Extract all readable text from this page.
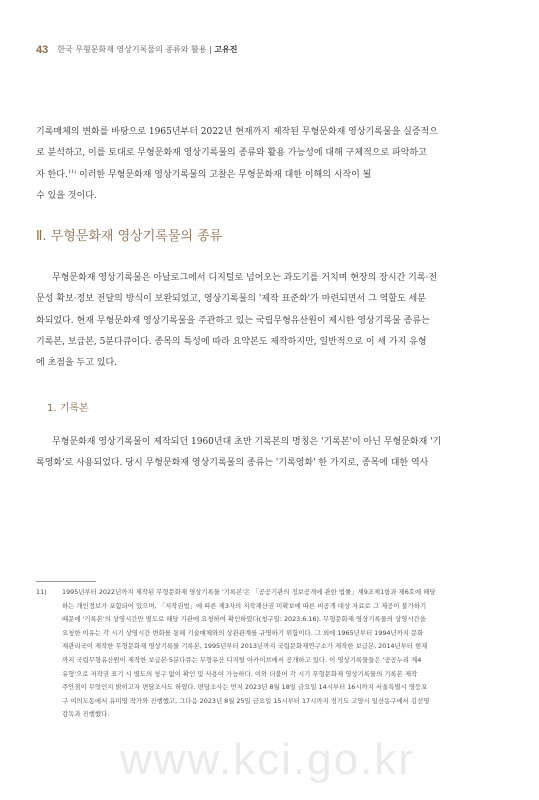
43 한국 무형문화재 영상기록물의 종류와 활용 | 고유진
기록매체의 변화를 바탕으로 1965년부터 2022년 현재까지 제작된 무형문화재 영상기록물을 실증적으
로 분석하고, 이를 토대로 무형문화재 영상기록물의 종류와 활용 가능성에 대해 구체적으로 파악하고
자 한다.$^{11)}$ 이러한 무형문화재 영상기록물의 고찰은 무형문화재 대한 이해의 시작이 될
수 있을 것이다.
Ⅱ. 무형문화재 영상기록물의 종류
무형문화재 영상기록물은 아날로그에서 디지털로 넘어오는 과도기를 거치며 현장의 장시간 기록·전
문성 확보·정보 전달의 방식이 보완되었고, 영상기록물의 '제작 표준화'가 마련되면서 그 역할도 세분
화되었다. 현재 무형문화재 영상기록물을 주관하고 있는 국립무형유산원이 제시한 영상기록물 종류는
기록본, 보급본, 5분다큐이다. 종목의 특성에 따라 요약본도 제작하지만, 일반적으로 이 세 가지 유형
에 초점을 두고 있다.
1. 기록본
무형문화재 영상기록물이 제작되던 1960년대 초반 기록본의 명칭은 '기록본'이 아닌 무형문화재 '기
록영화'로 사용되었다. 당시 무형문화재 영상기록물의 종류는 '기록영화' 한 가지로, 종목에 대한 역사
11) 1995년부터 2022년까지 제작된 무형문화재 영상기록물 '기록본'은 「공공기관의 정보공개에 관한 법률」제9조제1항과 제6호에 해당
하는 개인정보가 포함되어 있으며, 「저작권법」에 따른 제3자의 저작재산권 미확보에 따른 비공개 대상 자료로 그 제공이 불가하기
때문에 '기록본'의 상영시간만 별도로 해당 기관에 요청하여 확인하였다(청구일: 2023.6.16). 무형문화재 영상기록물의 상영시간을
요청한 이유는 각 시기 상영시간 변화를 통해 기술매체와의 상관관계를 규명하기 위함이다. 그 외에 1965년부터 1994년까지 문화
재관리국이 제작한 무형문화재 영상기록물 기록본, 1995년부터 2013년까지 국립문화재연구소가 제작한 보급본, 2014년부터 현재
까지 국립무형유산원이 제작한 보급본·5분다큐는 무형유산 디지털 아카이브에서 공개하고 있다. 이 영상기록물들은 '공공누리 제4
유형'으로 저작권 표기 시 별도의 청구 없이 확인 및 사용이 가능하다. 이와 더불어 각 시기 무형문화재 영상기록물의 기록본 제작
주안점이 무엇인지 밝히고자 면담조사도 하였다. 면담조사는 먼저 2023년 8월 18일 금요일 14시부터 16시까지 서울특별시 영등포
구 여의도동에서 유미영 작가와 진행했고, 그다음 2023년 8월 25일 금요일 15시부터 17시까지 경기도 고양시 일산동구에서 김선영
감독과 진행했다.
www.kci.go.kr
